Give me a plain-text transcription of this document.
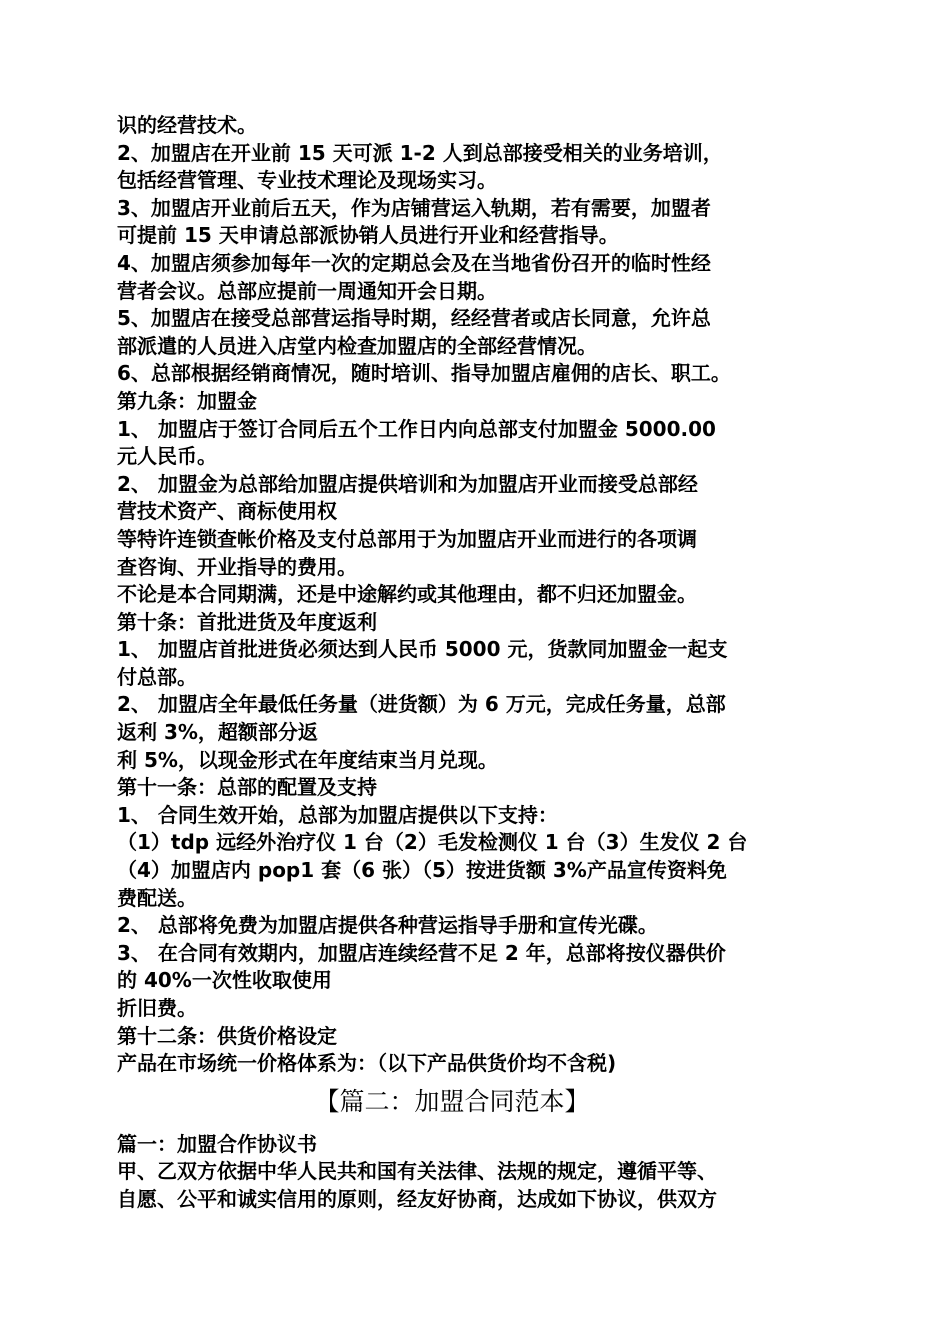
识的经营技术。
2、加盟店在开业前 15 天可派 1-2 人到总部接受相关的业务培训，
包括经营管理、专业技术理论及现场实习。
3、加盟店开业前后五天，作为店铺营运入轨期，若有需要，加盟者
可提前 15 天申请总部派协销人员进行开业和经营指导。
4、加盟店须参加每年一次的定期总会及在当地省份召开的临时性经
营者会议。总部应提前一周通知开会日期。
5、加盟店在接受总部营运指导时期，经经营者或店长同意，允许总
部派遣的人员进入店堂内检查加盟店的全部经营情况。
6、总部根据经销商情况，随时培训、指导加盟店雇佣的店长、职工。
第九条：加盟金
1、 加盟店于签订合同后五个工作日内向总部支付加盟金 5000.00
元人民币。
2、 加盟金为总部给加盟店提供培训和为加盟店开业而接受总部经
营技术资产、商标使用权
等特许连锁查帐价格及支付总部用于为加盟店开业而进行的各项调
查咨询、开业指导的费用。
不论是本合同期满，还是中途解约或其他理由，都不归还加盟金。
第十条：首批进货及年度返利
1、 加盟店首批进货必须达到人民币 5000 元，货款同加盟金一起支
付总部。
2、 加盟店全年最低任务量（进货额）为 6 万元，完成任务量，总部
返利 3%，超额部分返
利 5%，以现金形式在年度结束当月兑现。
第十一条：总部的配置及支持
1、 合同生效开始，总部为加盟店提供以下支持：
（1）tdp 远经外治疗仪 1 台（2）毛发检测仪 1 台（3）生发仪 2 台
（4）加盟店内 pop1 套（6 张）（5）按进货额 3%产品宣传资料免
费配送。
2、 总部将免费为加盟店提供各种营运指导手册和宣传光碟。
3、 在合同有效期内，加盟店连续经营不足 2 年，总部将按仪器供价
的 40%一次性收取使用
折旧费。
第十二条：供货价格设定
产品在市场统一价格体系为：（以下产品供货价均不含税)
【篇二：加盟合同范本】
篇一：加盟合作协议书
甲、乙双方依据中华人民共和国有关法律、法规的规定，遵循平等、
自愿、公平和诚实信用的原则，经友好协商，达成如下协议，供双方
